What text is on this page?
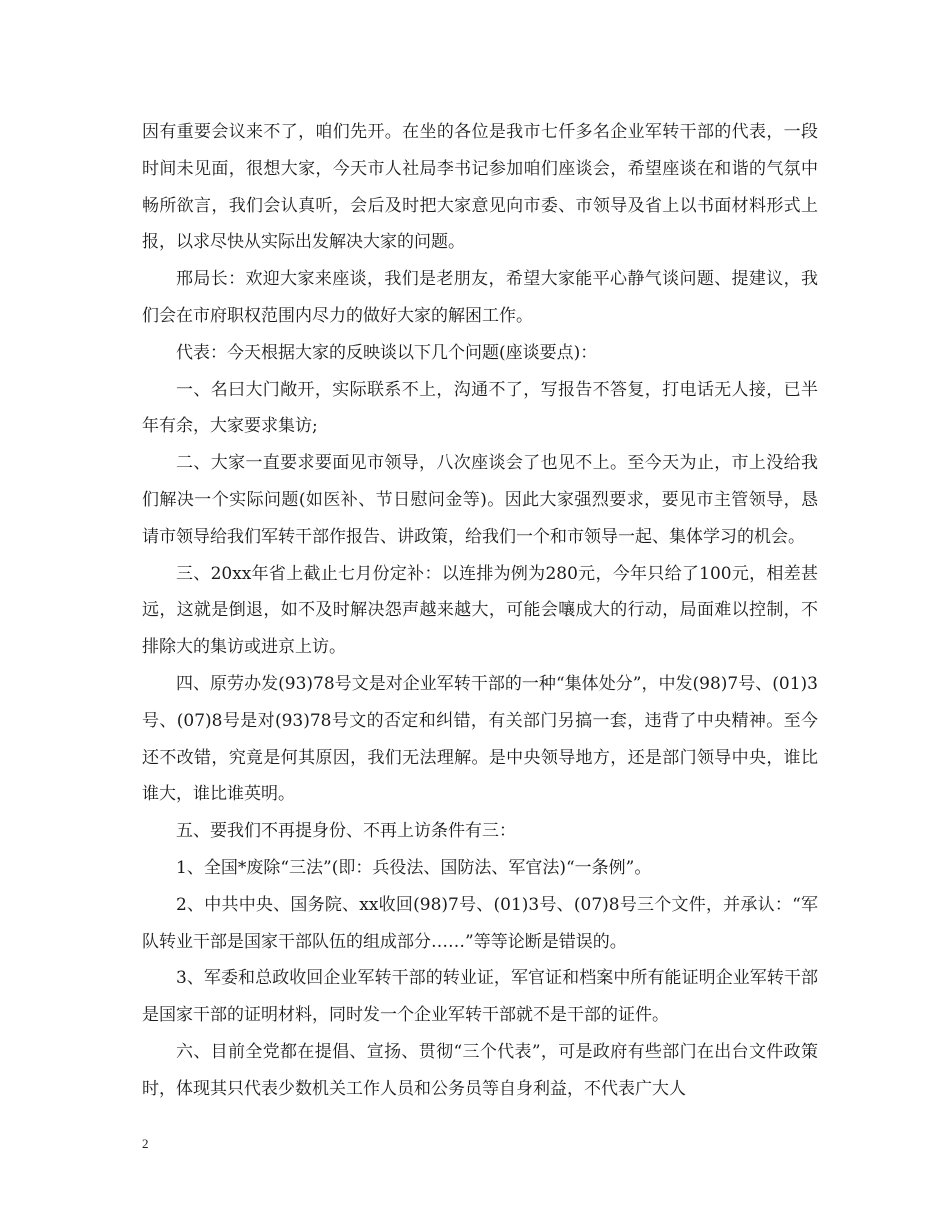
因有重要会议来不了，咱们先开。在坐的各位是我市七仟多名企业军转干部的代表，一段时间未见面，很想大家，今天市人社局李书记参加咱们座谈会，希望座谈在和谐的气氛中畅所欲言，我们会认真听，会后及时把大家意见向市委、市领导及省上以书面材料形式上报，以求尽快从实际出发解决大家的问题。

邢局长：欢迎大家来座谈，我们是老朋友，希望大家能平心静气谈问题、提建议，我们会在市府职权范围内尽力的做好大家的解困工作。

代表：今天根据大家的反映谈以下几个问题(座谈要点)：

一、名曰大门敞开，实际联系不上，沟通不了，写报告不答复，打电话无人接，已半年有余，大家要求集访;

二、大家一直要求要面见市领导，八次座谈会了也见不上。至今天为止，市上没给我们解决一个实际问题(如医补、节日慰问金等)。因此大家强烈要求，要见市主管领导，恳请市领导给我们军转干部作报告、讲政策，给我们一个和市领导一起、集体学习的机会。

三、20xx年省上截止七月份定补：以连排为例为280元，今年只给了100元，相差甚远，这就是倒退，如不及时解决怨声越来越大，可能会嚷成大的行动，局面难以控制，不排除大的集访或进京上访。

四、原劳办发(93)78号文是对企业军转干部的一种“集体处分”，中发(98)7号、(01)3号、(07)8号是对(93)78号文的否定和纠错，有关部门另搞一套，违背了中央精神。至今还不改错，究竟是何其原因，我们无法理解。是中央领导地方，还是部门领导中央，谁比谁大，谁比谁英明。

五、要我们不再提身份、不再上访条件有三：

1、全国*废除“三法”(即：兵役法、国防法、军官法)“一条例”。

2、中共中央、国务院、xx收回(98)7号、(01)3号、(07)8号三个文件，并承认：“军队转业干部是国家干部队伍的组成部分……”等等论断是错误的。

3、军委和总政收回企业军转干部的转业证，军官证和档案中所有能证明企业军转干部是国家干部的证明材料，同时发一个企业军转干部就不是干部的证件。

六、目前全党都在提倡、宣扬、贯彻“三个代表”，可是政府有些部门在出台文件政策时，体现其只代表少数机关工作人员和公务员等自身利益，不代表广大人

2
